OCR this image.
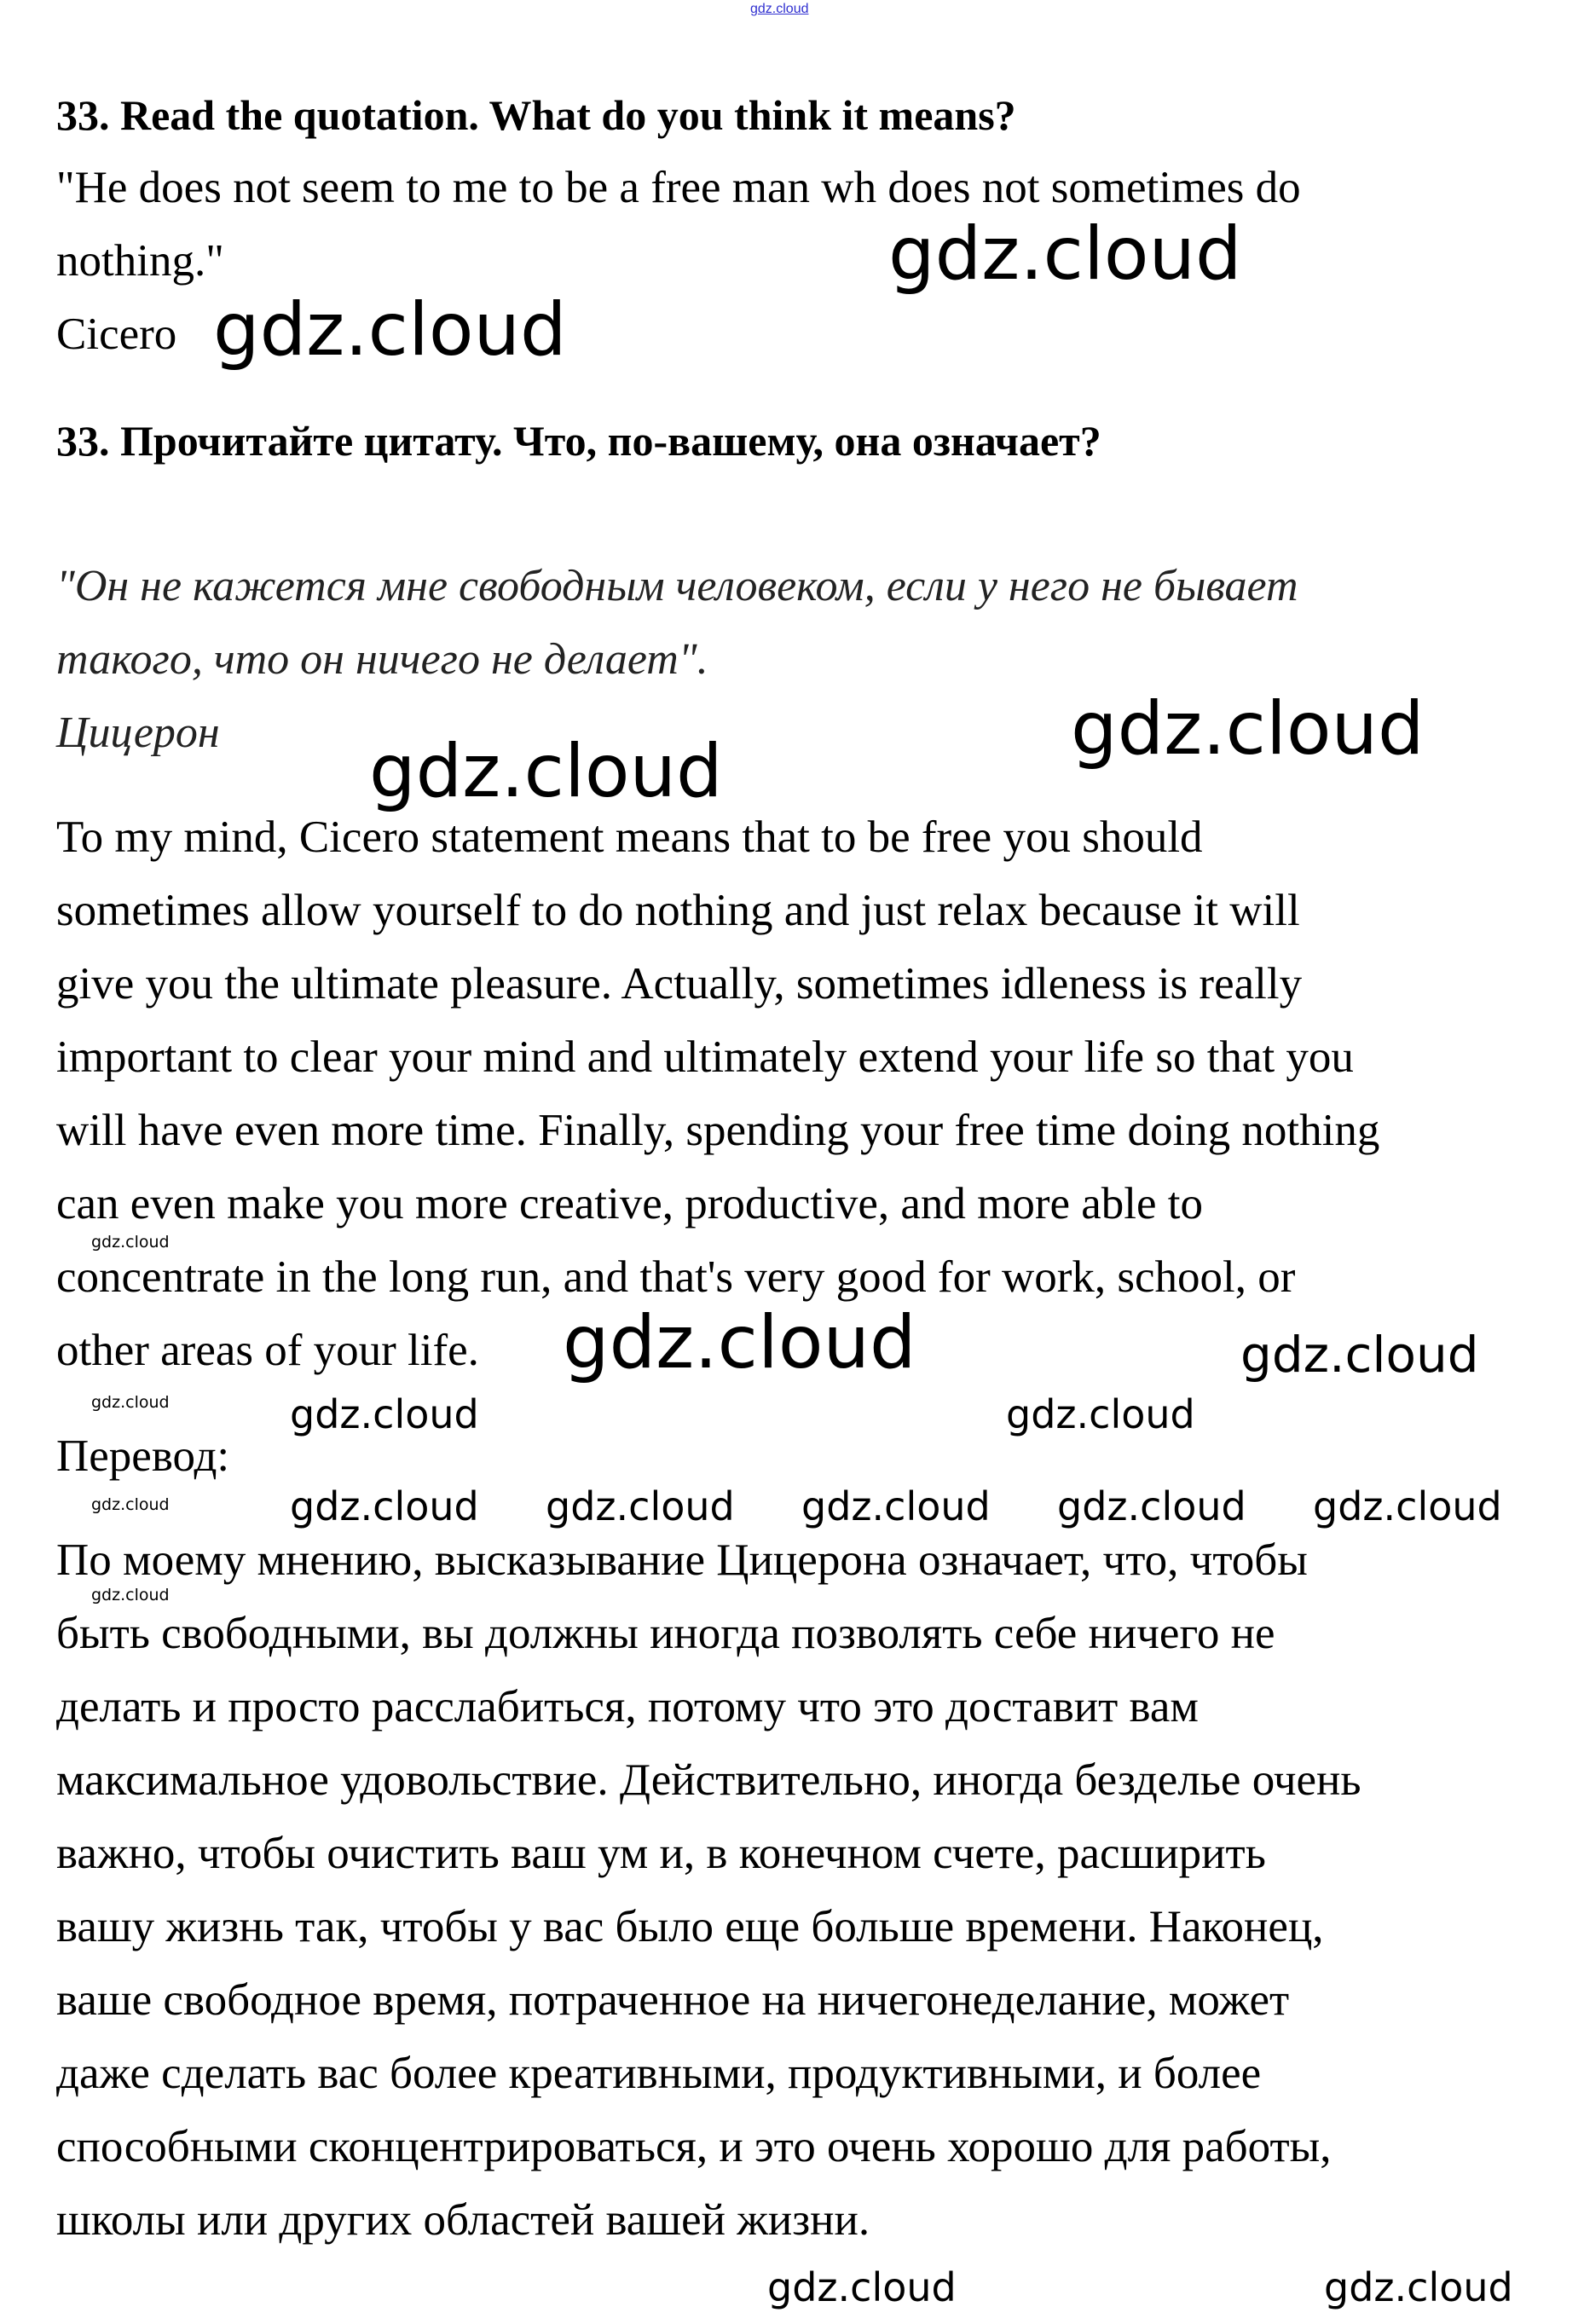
gdz.cloud
33. Read the quotation. What do you think it means?
"He does not seem to me to be a free man wh does not sometimes do
nothing."
Cicero
33. Прочитайте цитату. Что, по-вашему, она означает?
"Он не кажется мне свободным человеком, если у него не бывает
такого, что он ничего не делает".
Цицерон
To my mind, Cicero statement means that to be free you should
sometimes allow yourself to do nothing and just relax because it will
give you the ultimate pleasure. Actually, sometimes idleness is really
important to clear your mind and ultimately extend your life so that you
will have even more time. Finally, spending your free time doing nothing
can even make you more creative, productive, and more able to
concentrate in the long run, and that's very good for work, school, or
other areas of your life.
Перевод:
По моему мнению, высказывание Цицерона означает, что, чтобы
быть свободными, вы должны иногда позволять себе ничего не
делать и просто расслабиться, потому что это доставит вам
максимальное удовольствие. Действительно, иногда безделье очень
важно, чтобы очистить ваш ум и, в конечном счете, расширить
вашу жизнь так, чтобы у вас было еще больше времени. Наконец,
ваше свободное время, потраченное на ничегонеделание, может
даже сделать вас более креативными, продуктивными, и более
способными сконцентрироваться, и это очень хорошо для работы,
школы или других областей вашей жизни.
gdz.cloud
gdz.cloud
gdz.cloud
gdz.cloud
gdz.cloud	gdz.cloud
gdz.cloud
gdz.cloud
gdz.cloud
gdz.cloud
gdz.cloud	gdz.cloud
gdz.cloud gdz.cloud gdz.cloud gdz.cloud gdz.cloud
gdz.cloud	gdz.cloud
